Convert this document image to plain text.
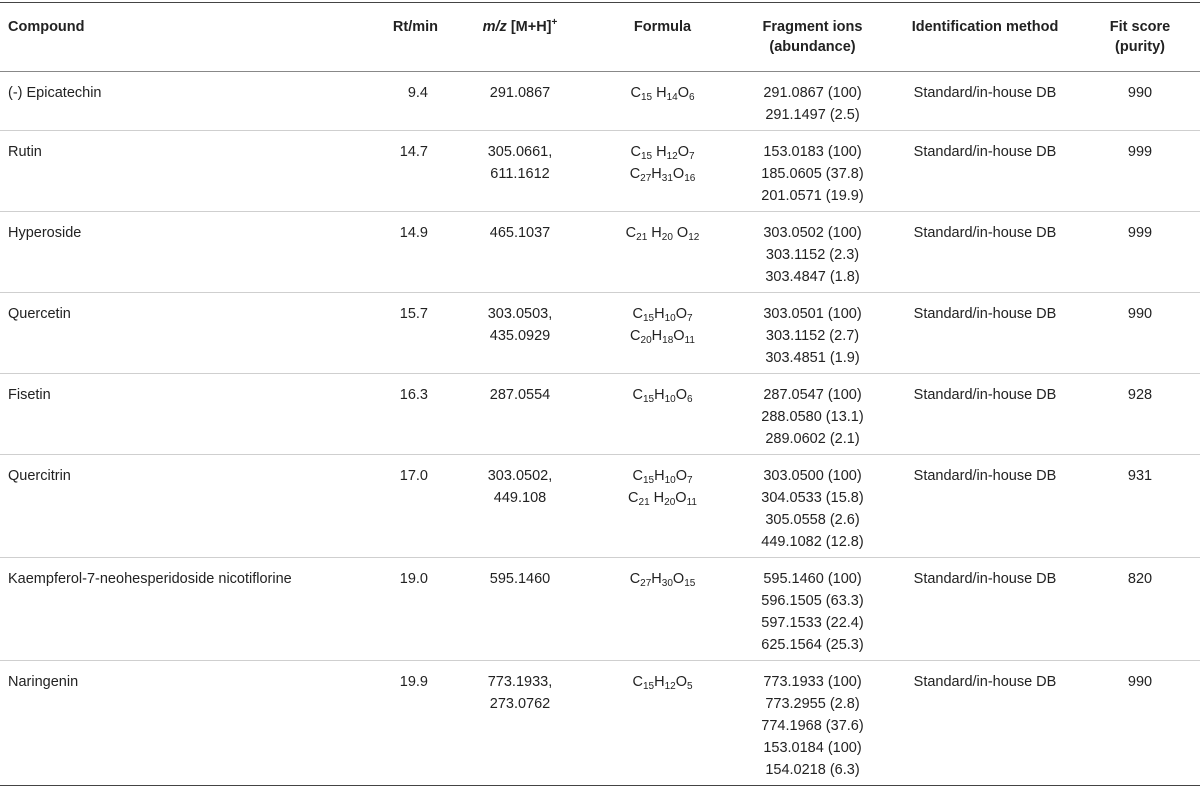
Compound	Rt/min	m/z [M+H]+	Formula	Fragment ions
(abundance)	Identification method	Fit score
(purity)

(-) Epicatechin	9.4	291.0867	$C_{15}$ $H_{14}O_6$	291.0867 (100)
291.1497 (2.5)	Standard/in-house DB	990

Rutin	14.7	305.0661,
611.1612	$C_{15}$ $H_{12}O_7$
$C_{27}H_{31}O_{16}$	153.0183 (100)
185.0605 (37.8)
201.0571 (19.9)	Standard/in-house DB	999

Hyperoside	14.9	465.1037	$C_{21}$ $H_{20}$ $O_{12}$	303.0502 (100)
303.1152 (2.3)
303.4847 (1.8)	Standard/in-house DB	999

Quercetin	15.7	303.0503,
435.0929	$C_{15}H_{10}O_7$
$C_{20}H_{18}O_{11}$	303.0501 (100)
303.1152 (2.7)
303.4851 (1.9)	Standard/in-house DB	990

Fisetin	16.3	287.0554	$C_{15}H_{10}O_6$	287.0547 (100)
288.0580 (13.1)
289.0602 (2.1)	Standard/in-house DB	928

Quercitrin	17.0	303.0502,
449.108	$C_{15}H_{10}O_7$
$C_{21}$ $H_{20}O_{11}$	303.0500 (100)
304.0533 (15.8)
305.0558 (2.6)
449.1082 (12.8)	Standard/in-house DB	931

Kaempferol-7-neohesperidoside nicotiflorine	19.0	595.1460	$C_{27}H_{30}O_{15}$	595.1460 (100)
596.1505 (63.3)
597.1533 (22.4)
625.1564 (25.3)	Standard/in-house DB	820

Naringenin	19.9	773.1933,
273.0762	$C_{15}H_{12}O_5$	773.1933 (100)
773.2955 (2.8)
774.1968 (37.6)
153.0184 (100)
154.0218 (6.3)	Standard/in-house DB	990
